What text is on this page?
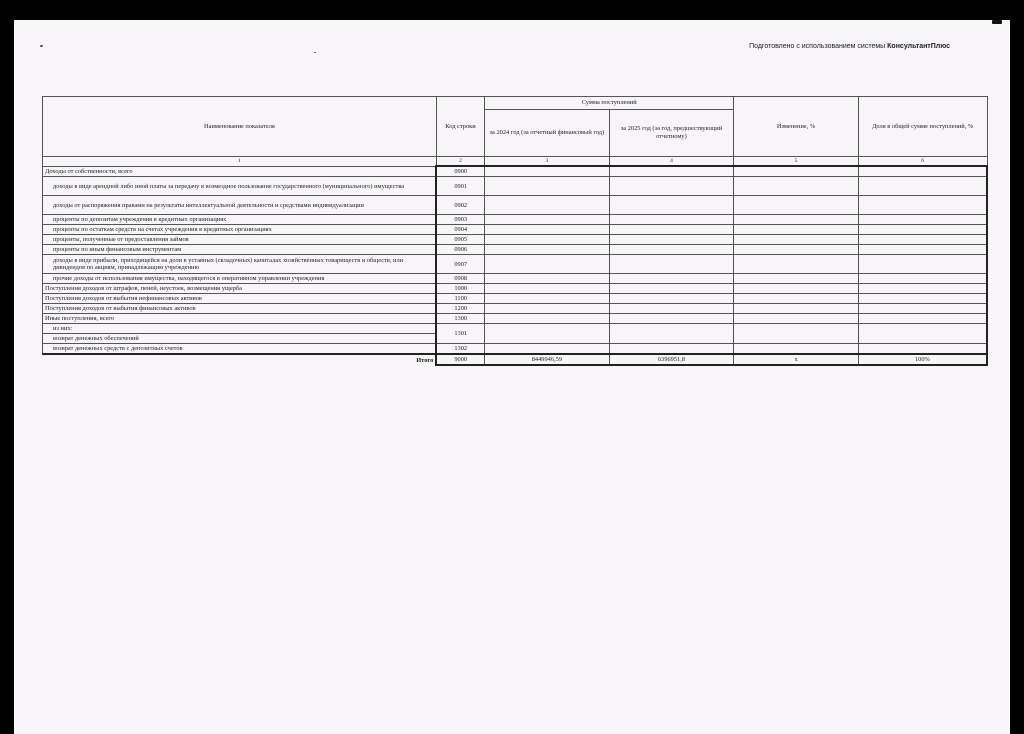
Подготовлено с использованием системы КонсультантПлюс
Наименование показателя	Код строки	Сумма поступлений		Изменение, %	Доля в общей сумме поступлений, %
		за 2024 год (за отчетный финансовый год)	за 2025 год (за год, предшествующий отчетному)		
1	2	3	4	5	6
Доходы от собственности, всего	0900				
доходы в виде арендной либо иной платы за передачу в возмездное пользование государственного (муниципального) имущества	0901				
доходы от распоряжения правами на результаты интеллектуальной деятельности и средствами индивидуализации	0902				
проценты по депозитам учреждения в кредитных организациях	0903				
проценты по остаткам средств на счетах учреждения в кредитных организациях	0904				
проценты, полученные от предоставления займов	0905				
проценты по иным финансовым инструментам	0906				
доходы в виде прибыли, приходящейся на доли в уставных (складочных) капиталах хозяйственных товариществ и обществ, или дивидендов по акциям, принадлежащим учреждению	0907				
прочие доходы от использования имущества, находящегося в оперативном управлении учреждения	0908				
Поступления доходов от штрафов, пеней, неустоек, возмещения ущерба	1000				
Поступления доходов от выбытия нефинансовых активов	1100				
Поступления доходов от выбытия финансовых активов	1200				
Иные поступления, всего	1300				
из них:	1301				
возврат денежных обеспечений					
возврат денежных средств с депозитных счетов	1302				
Итого	9000	8449946,59	6396951,8	х	100%
